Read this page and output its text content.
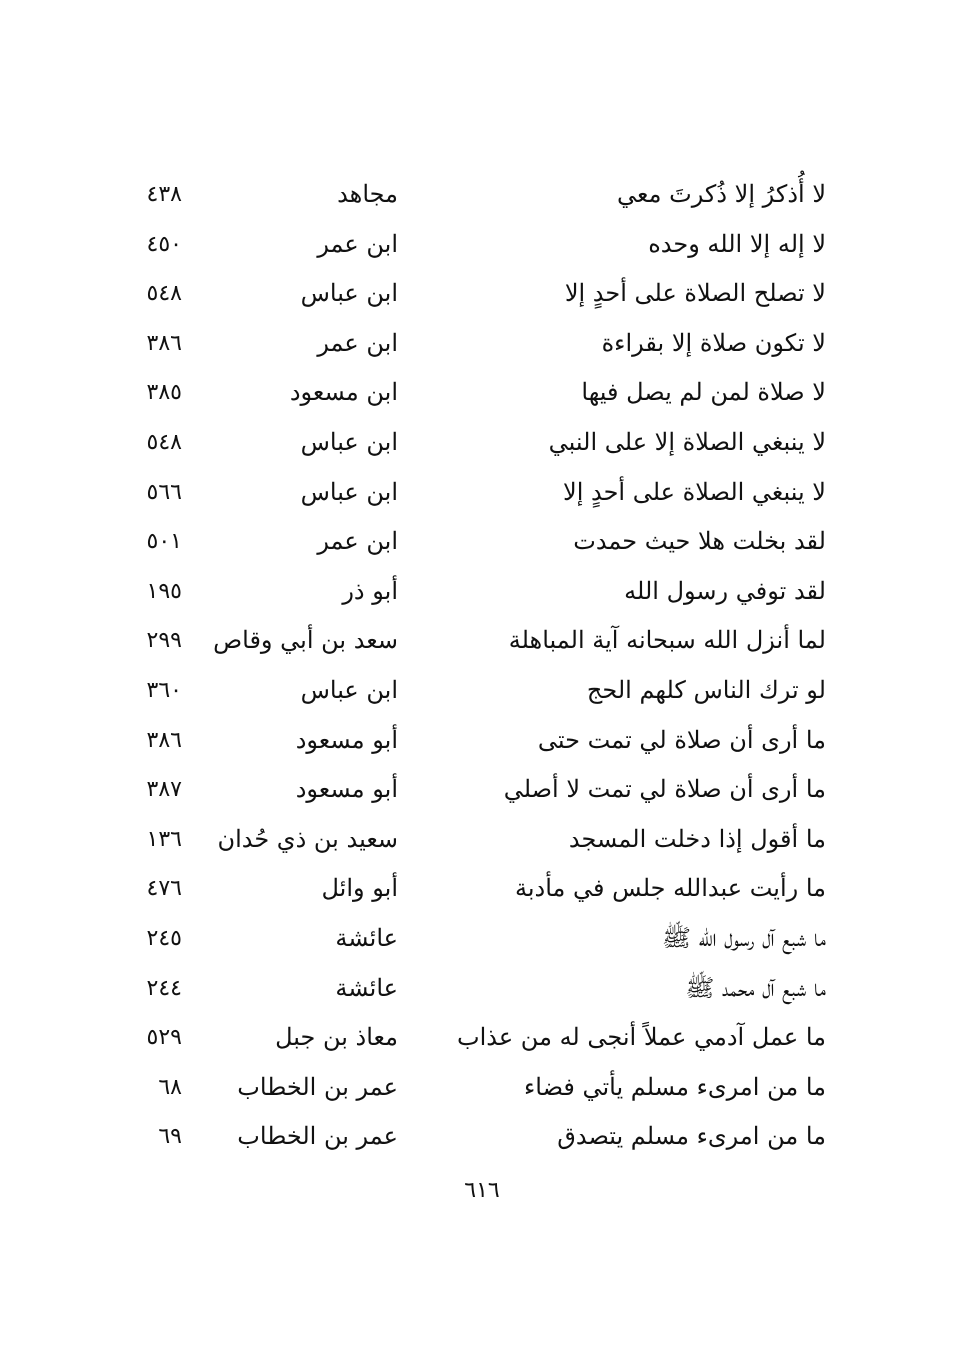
لا أُذكرُ إلا ذُكرتَ معي
مجاهد
٤٣٨
لا إله إلا الله وحده
ابن عمر
٤٥٠
لا تصلح الصلاة على أحدٍ إلا
ابن عباس
٥٤٨
لا تكون صلاة إلا بقراءة
ابن عمر
٣٨٦
لا صلاة لمن لم يصل فيها
ابن مسعود
٣٨٥
لا ينبغي الصلاة إلا على النبي
ابن عباس
٥٤٨
لا ينبغي الصلاة على أحدٍ إلا
ابن عباس
٥٦٦
لقد بخلت هلا حيث حمدت
ابن عمر
٥٠١
لقد توفي رسول الله
أبو ذر
١٩٥
لما أنزل الله سبحانه آية المباهلة
سعد بن أبي وقاص
٢٩٩
لو ترك الناس كلهم الحج
ابن عباس
٣٦٠
ما أرى أن صلاة لي تمت حتى
أبو مسعود
٣٨٦
ما أرى أن صلاة لي تمت لا أصلي
أبو مسعود
٣٨٧
ما أقول إذا دخلت المسجد
سعيد بن ذي حُدان
١٣٦
ما رأيت عبدالله جلس في مأدبة
أبو وائل
٤٧٦
ما شبع آل رسول الله ﷺ
عائشة
٢٤٥
ما شبع آل محمد ﷺ
عائشة
٢٤٤
ما عمل آدمي عملاً أنجى له من عذاب
معاذ بن جبل
٥٢٩
ما من امرىء مسلم يأتي فضاء
عمر بن الخطاب
٦٨
ما من امرىء مسلم يتصدق
عمر بن الخطاب
٦٩
٦١٦
